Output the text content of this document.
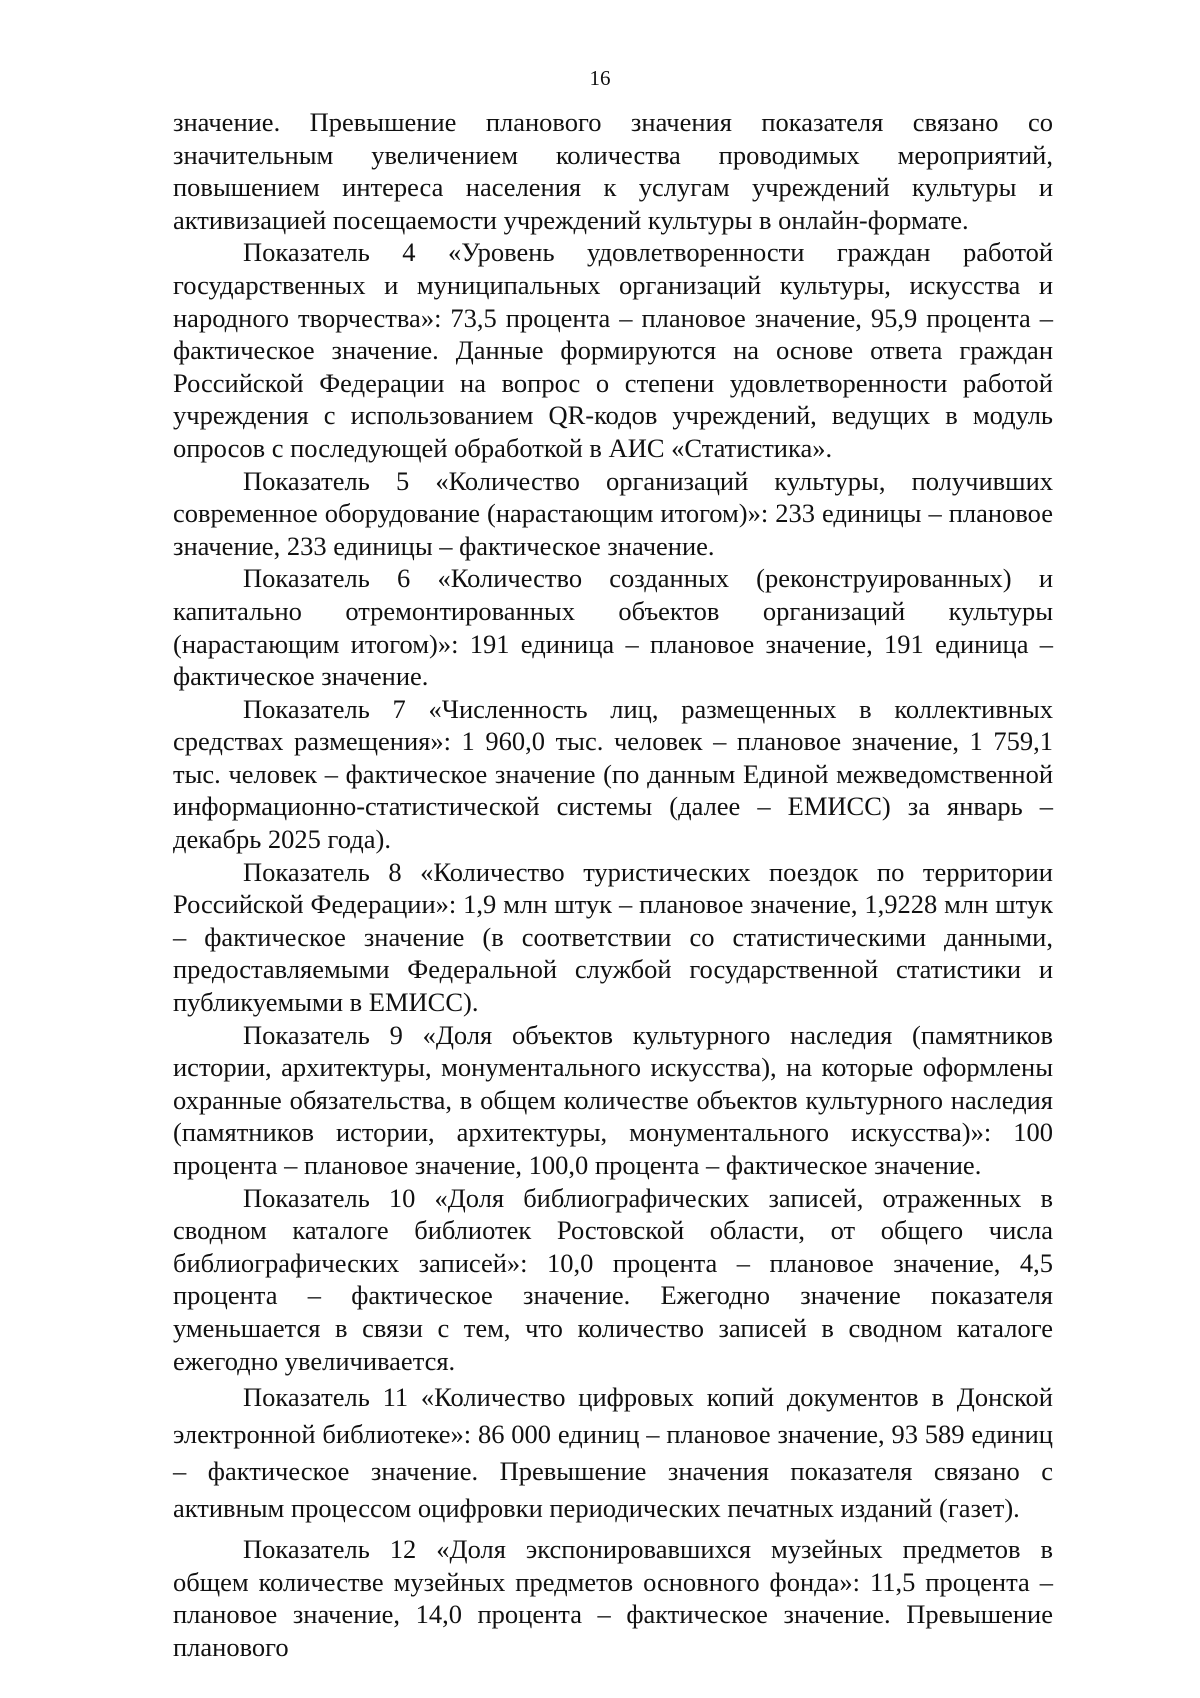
16

значение. Превышение планового значения показателя связано со значительным увеличением количества проводимых мероприятий, повышением интереса населения к услугам учреждений культуры и активизацией посещаемости учреждений культуры в онлайн-формате.

Показатель 4 «Уровень удовлетворенности граждан работой государственных и муниципальных организаций культуры, искусства и народного творчества»: 73,5 процента – плановое значение, 95,9 процента – фактическое значение. Данные формируются на основе ответа граждан Российской Федерации на вопрос о степени удовлетворенности работой учреждения с использованием QR-кодов учреждений, ведущих в модуль опросов с последующей обработкой в АИС «Статистика».

Показатель 5 «Количество организаций культуры, получивших современное оборудование (нарастающим итогом)»: 233 единицы – плановое значение, 233 единицы – фактическое значение.

Показатель 6 «Количество созданных (реконструированных) и капитально отремонтированных объектов организаций культуры (нарастающим итогом)»: 191 единица – плановое значение, 191 единица – фактическое значение.

Показатель 7 «Численность лиц, размещенных в коллективных средствах размещения»: 1 960,0 тыс. человек – плановое значение, 1 759,1 тыс. человек – фактическое значение (по данным Единой межведомственной информационно-статистической системы (далее – ЕМИСС) за январь – декабрь 2025 года).

Показатель 8 «Количество туристических поездок по территории Российской Федерации»: 1,9 млн штук – плановое значение, 1,9228 млн штук – фактическое значение (в соответствии со статистическими данными, предоставляемыми Федеральной службой государственной статистики и публикуемыми в ЕМИСС).

Показатель 9 «Доля объектов культурного наследия (памятников истории, архитектуры, монументального искусства), на которые оформлены охранные обязательства, в общем количестве объектов культурного наследия (памятников истории, архитектуры, монументального искусства)»: 100 процента – плановое значение, 100,0 процента – фактическое значение.

Показатель 10 «Доля библиографических записей, отраженных в сводном каталоге библиотек Ростовской области, от общего числа библиографических записей»: 10,0 процента – плановое значение, 4,5 процента – фактическое значение. Ежегодно значение показателя уменьшается в связи с тем, что количество записей в сводном каталоге ежегодно увеличивается.

Показатель 11 «Количество цифровых копий документов в Донской электронной библиотеке»: 86 000 единиц – плановое значение, 93 589 единиц – фактическое значение. Превышение значения показателя связано с активным процессом оцифровки периодических печатных изданий (газет).

Показатель 12 «Доля экспонировавшихся музейных предметов в общем количестве музейных предметов основного фонда»: 11,5 процента – плановое значение, 14,0 процента – фактическое значение. Превышение планового
